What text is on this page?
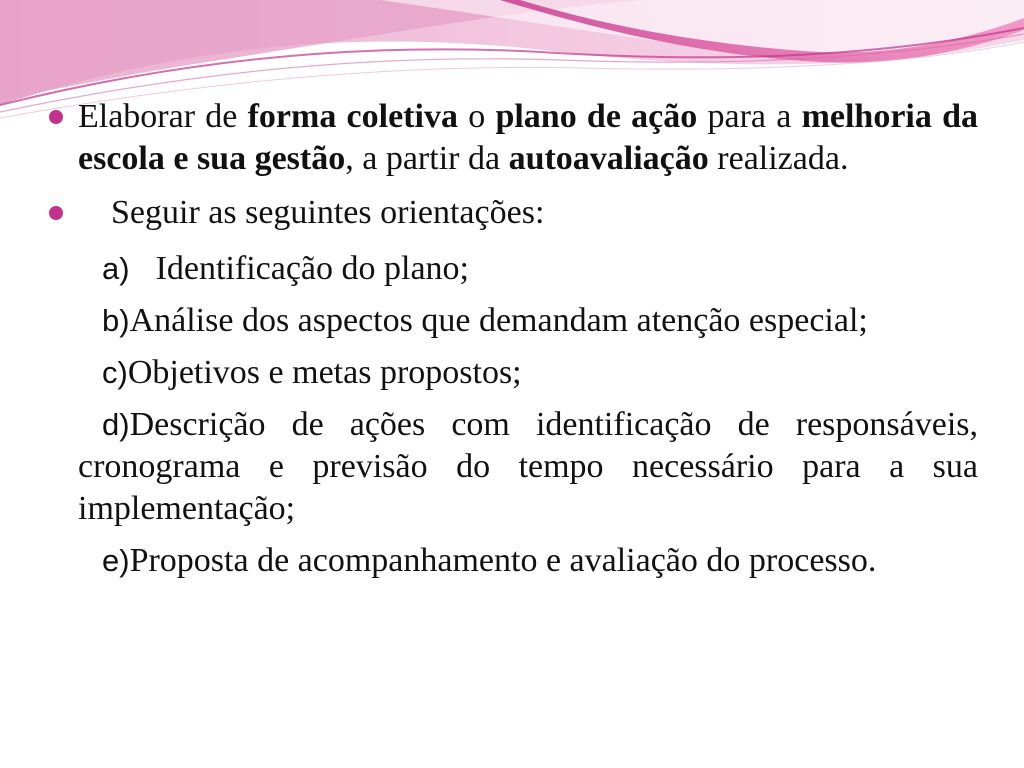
Elaborar de forma coletiva o plano de ação para a melhoria da escola e sua gestão, a partir da autoavaliação realizada.

Seguir as seguintes orientações:

a) Identificação do plano;

b)Análise dos aspectos que demandam atenção especial;

c)Objetivos e metas propostos;

d)Descrição de ações com identificação de responsáveis, cronograma e previsão do tempo necessário para a sua implementação;

e)Proposta de acompanhamento e avaliação do processo.
